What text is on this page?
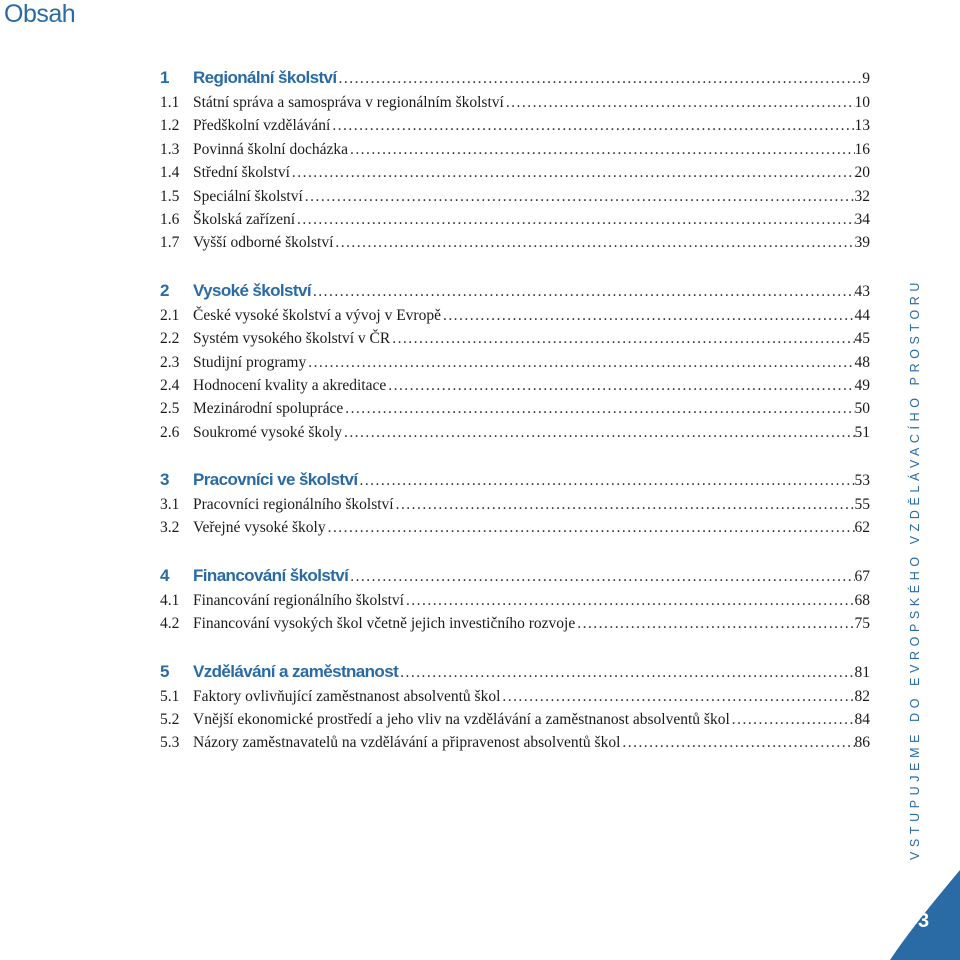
Obsah
1	Regionální školství . . .	9
1.1 Státní správa a samospráva v regionálním školství . . .	10
1.2 Předškolní vzdělávání . . .	13
1.3 Povinná školní docházka . . .	16
1.4 Střední školství . . .	20
1.5 Speciální školství . . .	32
1.6 Školská zařízení . . .	34
1.7 Vyšší odborné školství . . .	39
2	Vysoké školství . . .	43
2.1 České vysoké školství a vývoj v Evropě . . .	44
2.2 Systém vysokého školství v ČR . . .	45
2.3 Studijní programy . . .	48
2.4 Hodnocení kvality a akreditace . . .	49
2.5 Mezinárodní spolupráce . . .	50
2.6 Soukromé vysoké školy . . .	51
3	Pracovníci ve školství . . .	53
3.1 Pracovníci regionálního školství . . .	55
3.2 Veřejné vysoké školy . . .	62
4	Financování školství . . .	67
4.1 Financování regionálního školství . . .	68
4.2 Financování vysokých škol včetně jejich investičního rozvoje . . .	75
5	Vzdělávání a zaměstnanost . . .	81
5.1 Faktory ovlivňující zaměstnanost absolventů škol . . .	82
5.2 Vnější ekonomické prostředí a jeho vliv na vzdělávání a zaměstnanost absolventů škol . . .	84
5.3 Názory zaměstnavatelů na vzdělávání a připravenost absolventů škol . . .	86	VSTUPUJEME DO EVROPSKÉHO VZDĚLÁVACÍHO PROSTORU
3
